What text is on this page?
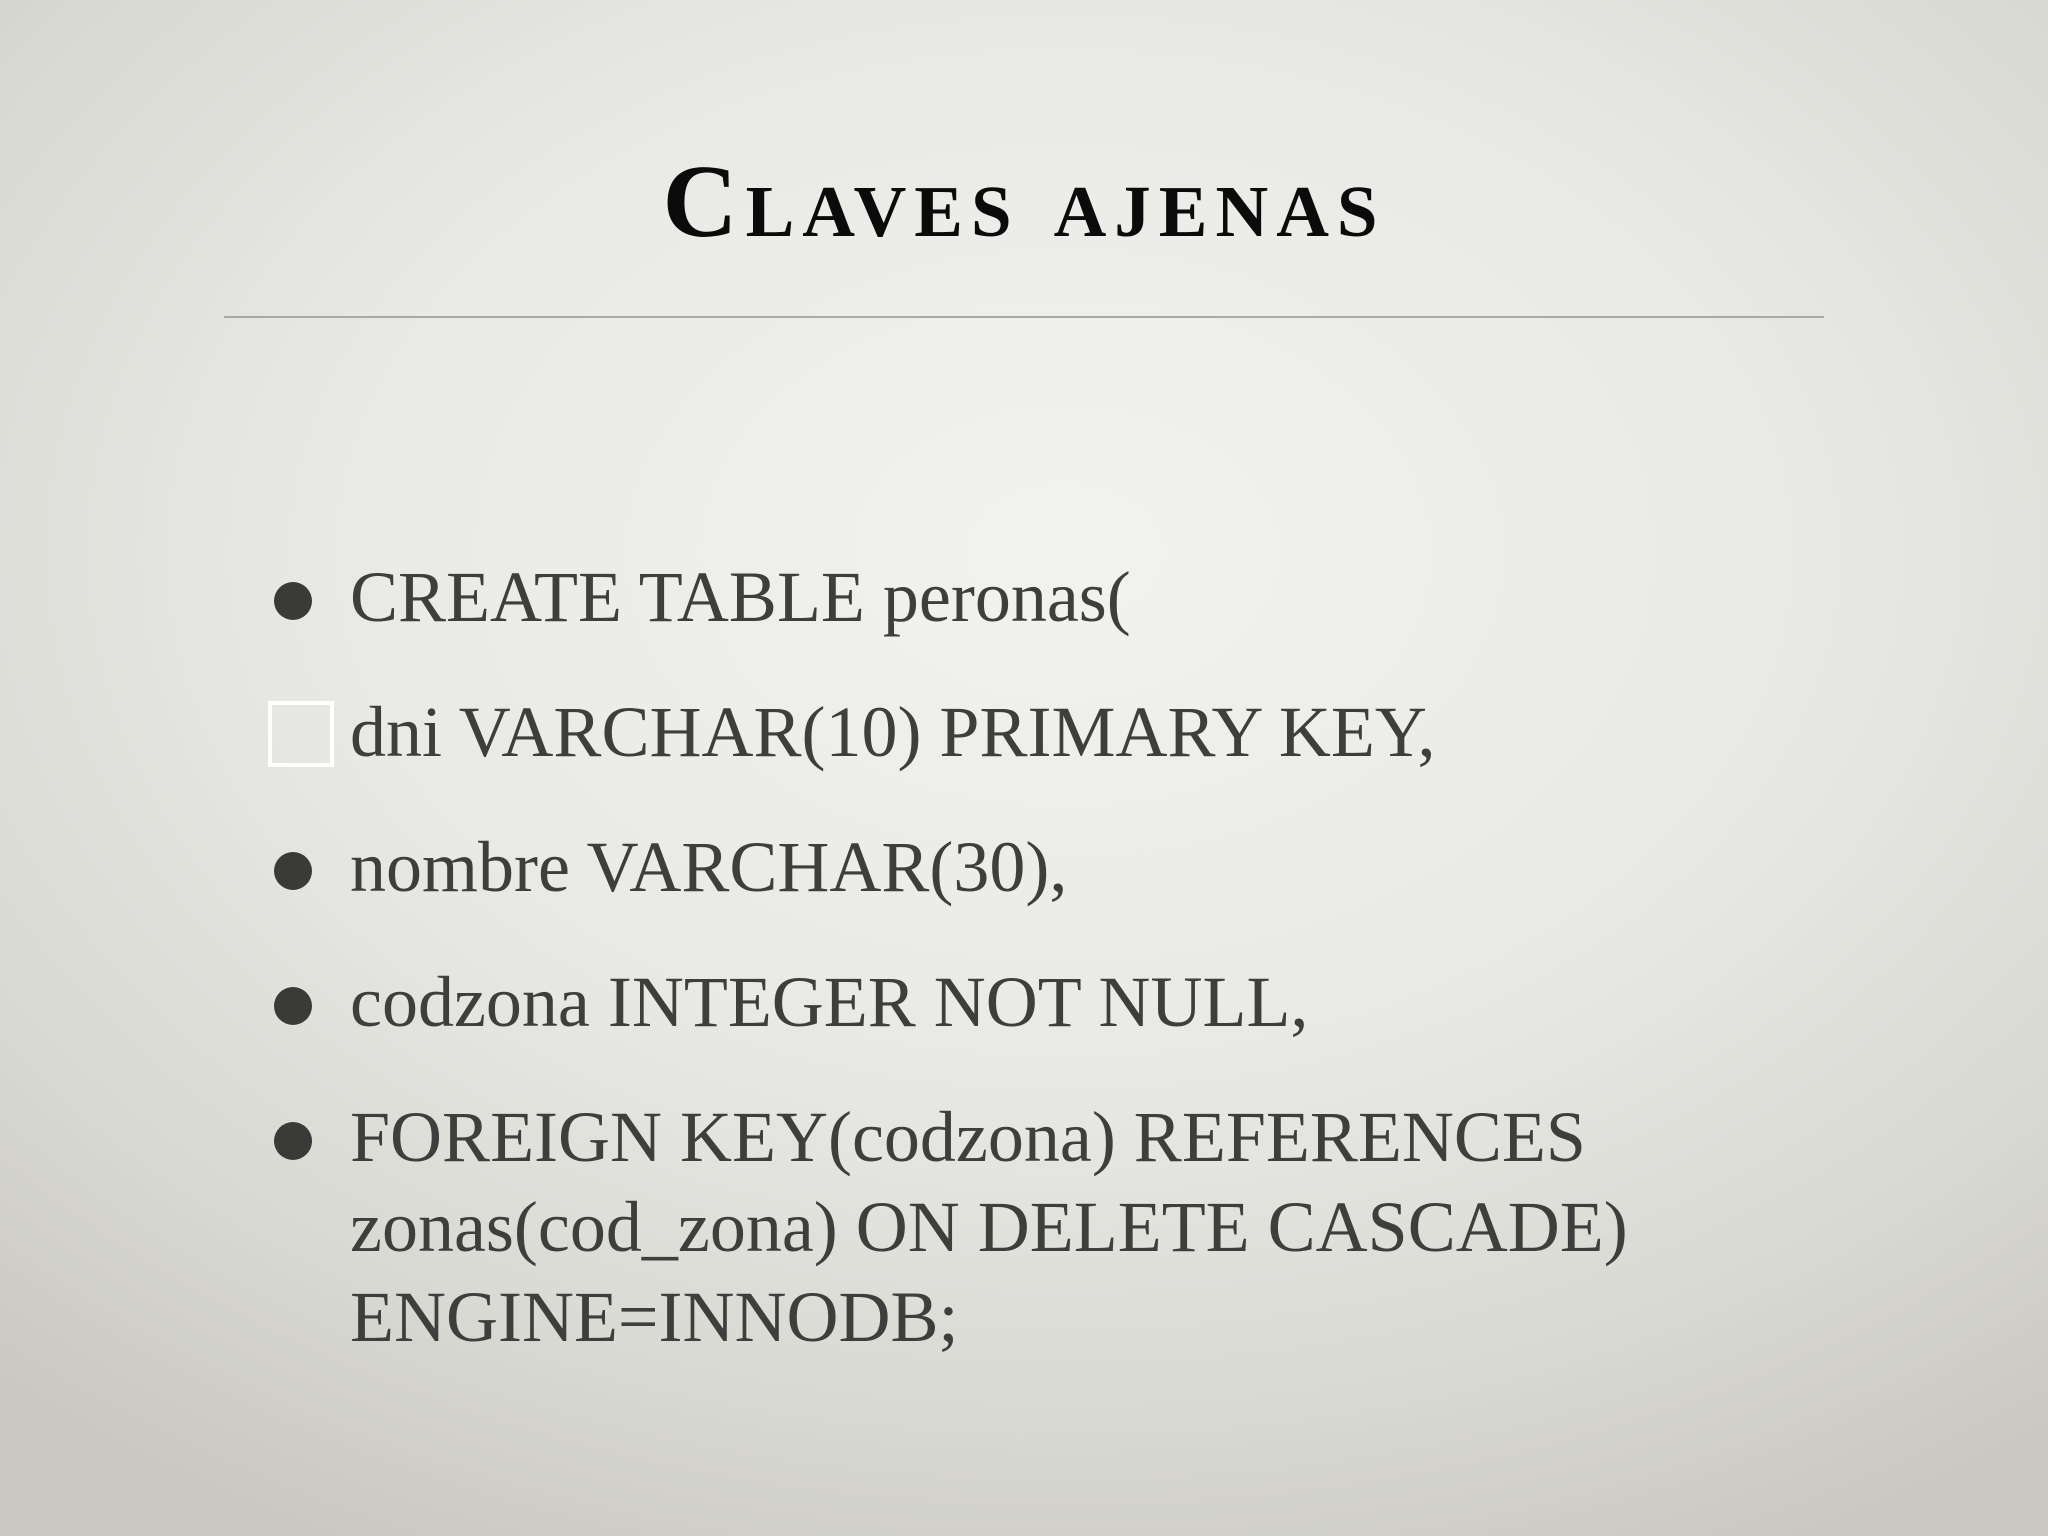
Claves ajenas
CREATE TABLE peronas(
dni VARCHAR(10) PRIMARY KEY,
nombre VARCHAR(30),
codzona INTEGER NOT NULL,
FOREIGN KEY(codzona) REFERENCES zonas(cod_zona) ON DELETE CASCADE) ENGINE=INNODB;
